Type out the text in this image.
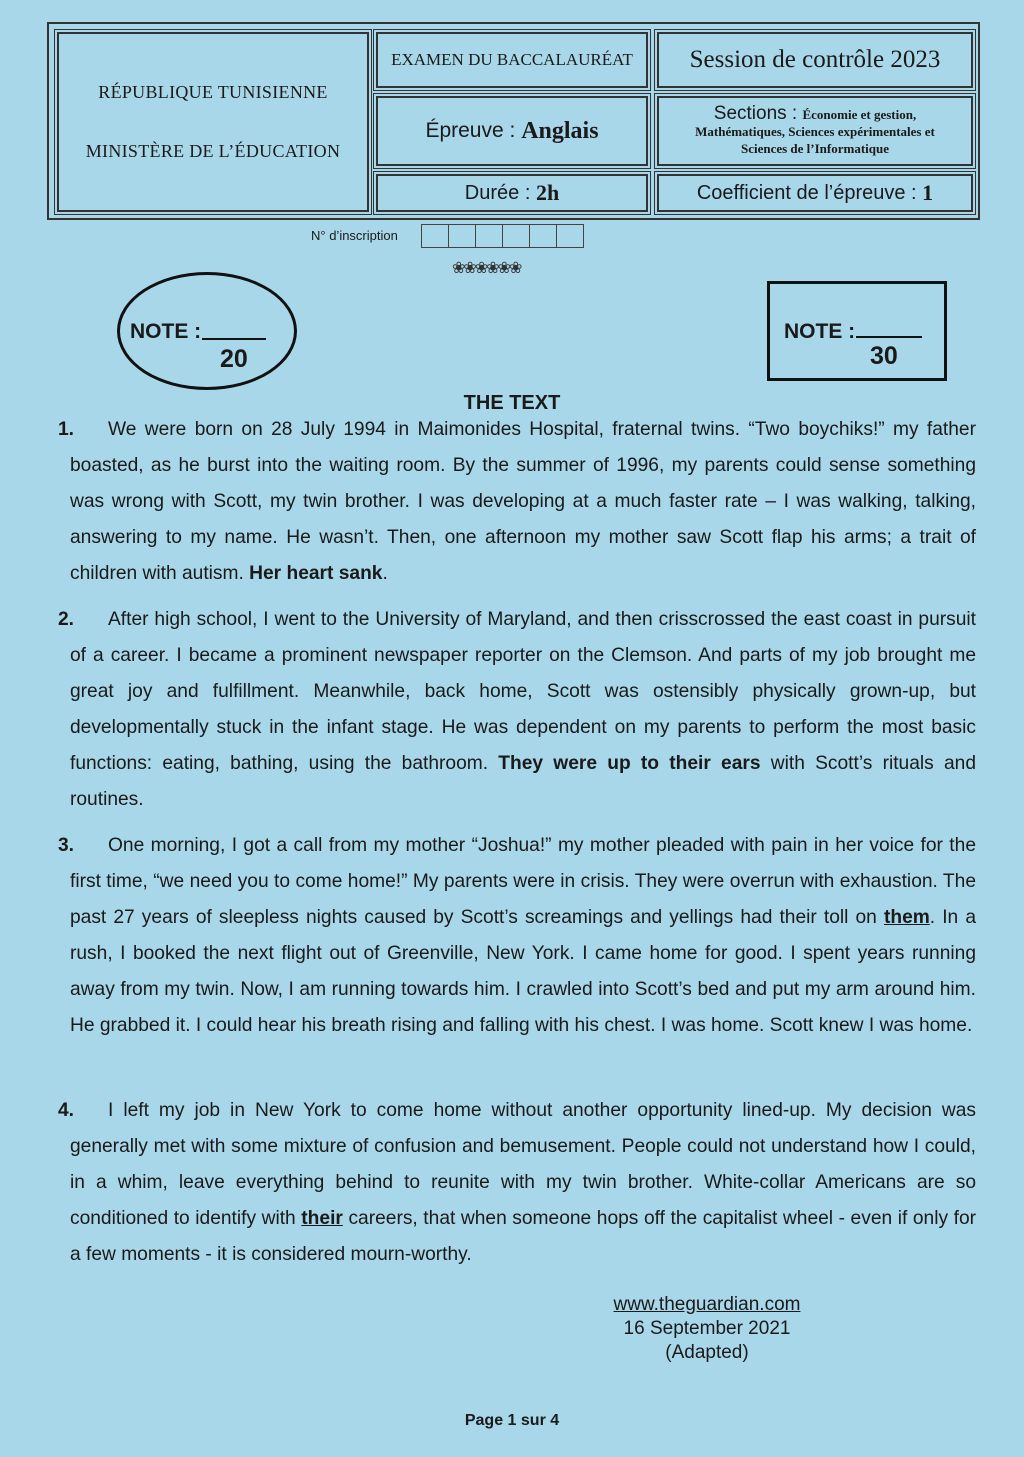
RÉPUBLIQUE TUNISIENNE
MINISTÈRE DE L’ÉDUCATION
EXAMEN DU BACCALAURÉAT	Session de contrôle 2023
Épreuve :
Anglais
Sections : Économie et gestion,
Mathématiques, Sciences expérimentales et
Sciences de l’Informatique
Durée :
2h	Coefficient de l’épreuve :
1
N° d’inscription
❀❀❀❀❀❀
NOTE :
20
NOTE :
30
THE TEXT
1.	We were born on 28 July 1994 in Maimonides Hospital, fraternal twins. “Two boychiks!” my father boasted, as he burst into the waiting room. By the summer of 1996, my parents could sense something was wrong with Scott, my twin brother. I was developing at a much faster rate – I was walking, talking, answering to my name. He wasn’t. Then, one afternoon my mother saw Scott flap his arms; a trait of children with autism. Her heart sank.
2.	After high school, I went to the University of Maryland, and then crisscrossed the east coast in pursuit of a career. I became a prominent newspaper reporter on the Clemson. And parts of my job brought me great joy and fulfillment. Meanwhile, back home, Scott was ostensibly physically grown-up, but developmentally stuck in the infant stage. He was dependent on my parents to perform the most basic functions: eating, bathing, using the bathroom. They were up to their ears with Scott’s rituals and routines.
3.	One morning, I got a call from my mother “Joshua!” my mother pleaded with pain in her voice for the first time, “we need you to come home!” My parents were in crisis. They were overrun with exhaustion. The past 27 years of sleepless nights caused by Scott’s screamings and yellings had their toll on them. In a rush, I booked the next flight out of Greenville, New York. I came home for good. I spent years running away from my twin. Now, I am running towards him. I crawled into Scott’s bed and put my arm around him. He grabbed it. I could hear his breath rising and falling with his chest. I was home. Scott knew I was home.
4.	I left my job in New York to come home without another opportunity lined-up. My decision was generally met with some mixture of confusion and bemusement. People could not understand how I could, in a whim, leave everything behind to reunite with my twin brother. White-collar Americans are so conditioned to identify with their careers, that when someone hops off the capitalist wheel - even if only for a few moments - it is considered mourn-worthy.
www.theguardian.com
16 September 2021
(Adapted)
Page 1 sur 4
